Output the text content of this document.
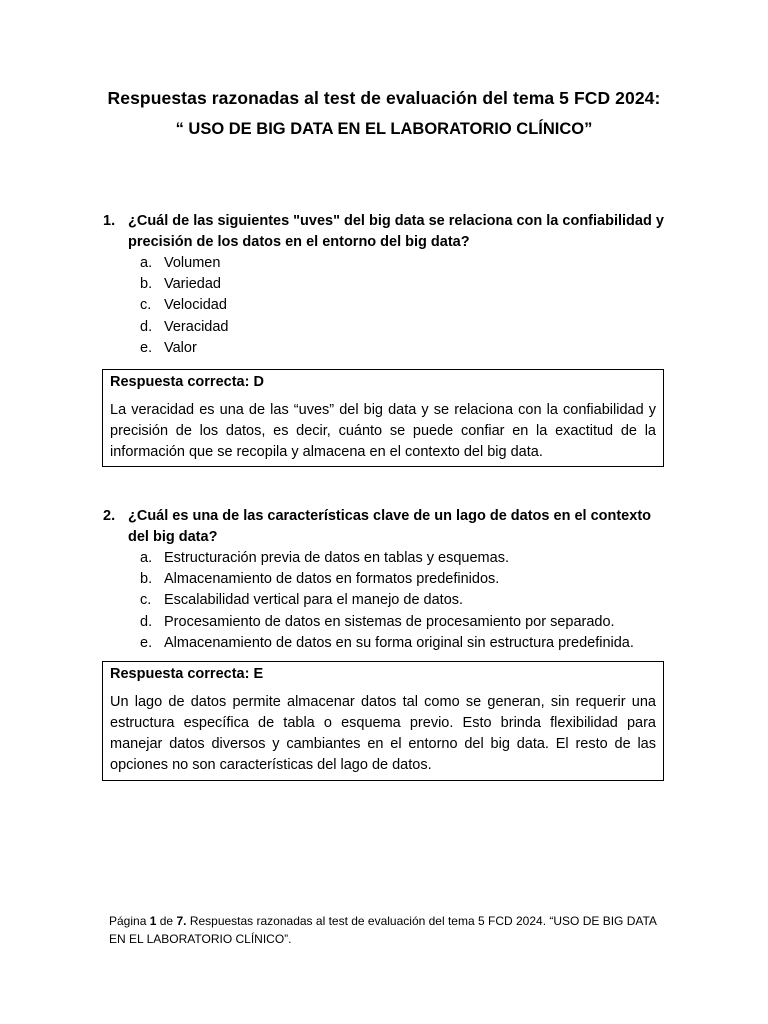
Respuestas razonadas al test de evaluación del tema 5 FCD 2024:
“ USO DE BIG DATA EN EL LABORATORIO CLÍNICO”
1. ¿Cuál de las siguientes "uves" del big data se relaciona con la confiabilidad y precisión de los datos en el entorno del big data?
a. Volumen
b. Variedad
c. Velocidad
d. Veracidad
e. Valor
Respuesta correcta: D
La veracidad es una de las “uves” del big data y se relaciona con la confiabilidad y precisión de los datos, es decir, cuánto se puede confiar en la exactitud de la información que se recopila y almacena en el contexto del big data.
2. ¿Cuál es una de las características clave de un lago de datos en el contexto del big data?
a. Estructuración previa de datos en tablas y esquemas.
b. Almacenamiento de datos en formatos predefinidos.
c. Escalabilidad vertical para el manejo de datos.
d. Procesamiento de datos en sistemas de procesamiento por separado.
e. Almacenamiento de datos en su forma original sin estructura predefinida.
Respuesta correcta: E
Un lago de datos permite almacenar datos tal como se generan, sin requerir una estructura específica de tabla o esquema previo. Esto brinda flexibilidad para manejar datos diversos y cambiantes en el entorno del big data. El resto de las opciones no son características del lago de datos.
Página 1 de 7. Respuestas razonadas al test de evaluación del tema 5 FCD 2024. “USO DE BIG DATA EN EL LABORATORIO CLÍNICO”.
